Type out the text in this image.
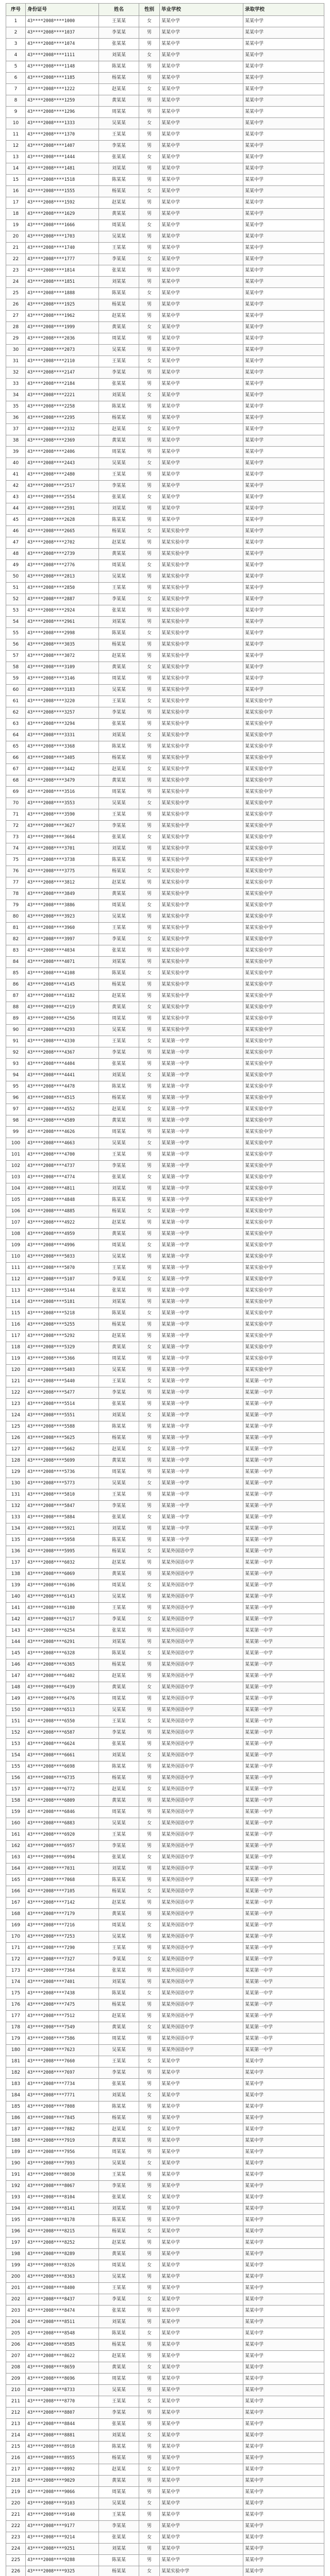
序号	身份证号	姓名	性别	毕业学校	录取学校
1	43****2008****1000	王某某	女	某某中学	某某中学
2	43****2008****1037	李某某	男	某某中学	某某中学
3	43****2008****1074	张某某	男	某某中学	某某中学
4	43****2008****1111	刘某某	女	某某中学	某某中学
5	43****2008****1148	陈某某	男	某某中学	某某中学
6	43****2008****1185	杨某某	男	某某中学	某某中学
7	43****2008****1222	赵某某	女	某某中学	某某中学
8	43****2008****1259	黄某某	男	某某中学	某某中学
9	43****2008****1296	周某某	男	某某中学	某某中学
10	43****2008****1333	吴某某	女	某某中学	某某中学
11	43****2008****1370	王某某	男	某某中学	某某中学
12	43****2008****1407	李某某	男	某某中学	某某中学
13	43****2008****1444	张某某	女	某某中学	某某中学
14	43****2008****1481	刘某某	男	某某中学	某某中学
15	43****2008****1518	陈某某	男	某某中学	某某中学
16	43****2008****1555	杨某某	女	某某中学	某某中学
17	43****2008****1592	赵某某	男	某某中学	某某中学
18	43****2008****1629	黄某某	男	某某中学	某某中学
19	43****2008****1666	周某某	女	某某中学	某某中学
20	43****2008****1703	吴某某	男	某某中学	某某中学
21	43****2008****1740	王某某	男	某某中学	某某中学
22	43****2008****1777	李某某	女	某某中学	某某中学
23	43****2008****1814	张某某	男	某某中学	某某中学
24	43****2008****1851	刘某某	男	某某中学	某某中学
25	43****2008****1888	陈某某	女	某某中学	某某中学
26	43****2008****1925	杨某某	男	某某中学	某某中学
27	43****2008****1962	赵某某	男	某某中学	某某中学
28	43****2008****1999	黄某某	女	某某中学	某某中学
29	43****2008****2036	周某某	男	某某中学	某某中学
30	43****2008****2073	吴某某	男	某某中学	某某中学
31	43****2008****2110	王某某	女	某某中学	某某中学
32	43****2008****2147	李某某	男	某某中学	某某中学
33	43****2008****2184	张某某	男	某某中学	某某中学
34	43****2008****2221	刘某某	女	某某中学	某某中学
35	43****2008****2258	陈某某	男	某某中学	某某中学
36	43****2008****2295	杨某某	男	某某中学	某某中学
37	43****2008****2332	赵某某	女	某某中学	某某中学
38	43****2008****2369	黄某某	男	某某中学	某某中学
39	43****2008****2406	周某某	男	某某中学	某某中学
40	43****2008****2443	吴某某	女	某某中学	某某中学
41	43****2008****2480	王某某	男	某某中学	某某中学
42	43****2008****2517	李某某	男	某某中学	某某中学
43	43****2008****2554	张某某	女	某某中学	某某中学
44	43****2008****2591	刘某某	男	某某中学	某某中学
45	43****2008****2628	陈某某	男	某某中学	某某中学
46	43****2008****2665	杨某某	女	某某实验中学	某某中学
47	43****2008****2702	赵某某	男	某某实验中学	某某中学
48	43****2008****2739	黄某某	男	某某实验中学	某某中学
49	43****2008****2776	周某某	女	某某实验中学	某某中学
50	43****2008****2813	吴某某	男	某某实验中学	某某中学
51	43****2008****2850	王某某	男	某某实验中学	某某中学
52	43****2008****2887	李某某	女	某某实验中学	某某中学
53	43****2008****2924	张某某	男	某某实验中学	某某中学
54	43****2008****2961	刘某某	男	某某实验中学	某某中学
55	43****2008****2998	陈某某	女	某某实验中学	某某中学
56	43****2008****3035	杨某某	男	某某实验中学	某某中学
57	43****2008****3072	赵某某	男	某某实验中学	某某中学
58	43****2008****3109	黄某某	女	某某实验中学	某某中学
59	43****2008****3146	周某某	男	某某实验中学	某某中学
60	43****2008****3183	吴某某	男	某某实验中学	某某中学
61	43****2008****3220	王某某	女	某某实验中学	某某实验中学
62	43****2008****3257	李某某	男	某某实验中学	某某实验中学
63	43****2008****3294	张某某	男	某某实验中学	某某实验中学
64	43****2008****3331	刘某某	女	某某实验中学	某某实验中学
65	43****2008****3368	陈某某	男	某某实验中学	某某实验中学
66	43****2008****3405	杨某某	男	某某实验中学	某某实验中学
67	43****2008****3442	赵某某	女	某某实验中学	某某实验中学
68	43****2008****3479	黄某某	男	某某实验中学	某某实验中学
69	43****2008****3516	周某某	男	某某实验中学	某某实验中学
70	43****2008****3553	吴某某	女	某某实验中学	某某实验中学
71	43****2008****3590	王某某	男	某某实验中学	某某实验中学
72	43****2008****3627	李某某	男	某某实验中学	某某实验中学
73	43****2008****3664	张某某	女	某某实验中学	某某实验中学
74	43****2008****3701	刘某某	男	某某实验中学	某某实验中学
75	43****2008****3738	陈某某	男	某某实验中学	某某实验中学
76	43****2008****3775	杨某某	女	某某实验中学	某某实验中学
77	43****2008****3812	赵某某	男	某某实验中学	某某实验中学
78	43****2008****3849	黄某某	男	某某实验中学	某某实验中学
79	43****2008****3886	周某某	女	某某实验中学	某某实验中学
80	43****2008****3923	吴某某	男	某某实验中学	某某实验中学
81	43****2008****3960	王某某	男	某某实验中学	某某实验中学
82	43****2008****3997	李某某	女	某某实验中学	某某实验中学
83	43****2008****4034	张某某	男	某某实验中学	某某实验中学
84	43****2008****4071	刘某某	男	某某实验中学	某某实验中学
85	43****2008****4108	陈某某	女	某某实验中学	某某实验中学
86	43****2008****4145	杨某某	男	某某实验中学	某某实验中学
87	43****2008****4182	赵某某	男	某某实验中学	某某实验中学
88	43****2008****4219	黄某某	女	某某实验中学	某某实验中学
89	43****2008****4256	周某某	男	某某实验中学	某某实验中学
90	43****2008****4293	吴某某	男	某某实验中学	某某实验中学
91	43****2008****4330	王某某	女	某某第一中学	某某实验中学
92	43****2008****4367	李某某	男	某某第一中学	某某实验中学
93	43****2008****4404	张某某	男	某某第一中学	某某实验中学
94	43****2008****4441	刘某某	女	某某第一中学	某某实验中学
95	43****2008****4478	陈某某	男	某某第一中学	某某实验中学
96	43****2008****4515	杨某某	男	某某第一中学	某某实验中学
97	43****2008****4552	赵某某	女	某某第一中学	某某实验中学
98	43****2008****4589	黄某某	男	某某第一中学	某某实验中学
99	43****2008****4626	周某某	男	某某第一中学	某某实验中学
100	43****2008****4663	吴某某	女	某某第一中学	某某实验中学
101	43****2008****4700	王某某	男	某某第一中学	某某实验中学
102	43****2008****4737	李某某	男	某某第一中学	某某实验中学
103	43****2008****4774	张某某	女	某某第一中学	某某实验中学
104	43****2008****4811	刘某某	男	某某第一中学	某某实验中学
105	43****2008****4848	陈某某	男	某某第一中学	某某实验中学
106	43****2008****4885	杨某某	女	某某第一中学	某某实验中学
107	43****2008****4922	赵某某	男	某某第一中学	某某实验中学
108	43****2008****4959	黄某某	男	某某第一中学	某某实验中学
109	43****2008****4996	周某某	女	某某第一中学	某某实验中学
110	43****2008****5033	吴某某	男	某某第一中学	某某实验中学
111	43****2008****5070	王某某	男	某某第一中学	某某实验中学
112	43****2008****5107	李某某	女	某某第一中学	某某实验中学
113	43****2008****5144	张某某	男	某某第一中学	某某实验中学
114	43****2008****5181	刘某某	男	某某第一中学	某某实验中学
115	43****2008****5218	陈某某	女	某某第一中学	某某实验中学
116	43****2008****5255	杨某某	男	某某第一中学	某某实验中学
117	43****2008****5292	赵某某	男	某某第一中学	某某实验中学
118	43****2008****5329	黄某某	女	某某第一中学	某某实验中学
119	43****2008****5366	周某某	男	某某第一中学	某某实验中学
120	43****2008****5403	吴某某	男	某某第一中学	某某实验中学
121	43****2008****5440	王某某	女	某某第一中学	某某第一中学
122	43****2008****5477	李某某	男	某某第一中学	某某第一中学
123	43****2008****5514	张某某	男	某某第一中学	某某第一中学
124	43****2008****5551	刘某某	女	某某第一中学	某某第一中学
125	43****2008****5588	陈某某	男	某某第一中学	某某第一中学
126	43****2008****5625	杨某某	男	某某第一中学	某某第一中学
127	43****2008****5662	赵某某	女	某某第一中学	某某第一中学
128	43****2008****5699	黄某某	男	某某第一中学	某某第一中学
129	43****2008****5736	周某某	男	某某第一中学	某某第一中学
130	43****2008****5773	吴某某	女	某某第一中学	某某第一中学
131	43****2008****5810	王某某	男	某某第一中学	某某第一中学
132	43****2008****5847	李某某	男	某某第一中学	某某第一中学
133	43****2008****5884	张某某	女	某某第一中学	某某第一中学
134	43****2008****5921	刘某某	男	某某第一中学	某某第一中学
135	43****2008****5958	陈某某	男	某某第一中学	某某第一中学
136	43****2008****5995	杨某某	女	某某外国语中学	某某第一中学
137	43****2008****6032	赵某某	男	某某外国语中学	某某第一中学
138	43****2008****6069	黄某某	男	某某外国语中学	某某第一中学
139	43****2008****6106	周某某	女	某某外国语中学	某某第一中学
140	43****2008****6143	吴某某	男	某某外国语中学	某某第一中学
141	43****2008****6180	王某某	男	某某外国语中学	某某第一中学
142	43****2008****6217	李某某	女	某某外国语中学	某某第一中学
143	43****2008****6254	张某某	男	某某外国语中学	某某第一中学
144	43****2008****6291	刘某某	男	某某外国语中学	某某第一中学
145	43****2008****6328	陈某某	女	某某外国语中学	某某第一中学
146	43****2008****6365	杨某某	男	某某外国语中学	某某第一中学
147	43****2008****6402	赵某某	男	某某外国语中学	某某第一中学
148	43****2008****6439	黄某某	女	某某外国语中学	某某第一中学
149	43****2008****6476	周某某	男	某某外国语中学	某某第一中学
150	43****2008****6513	吴某某	男	某某外国语中学	某某第一中学
151	43****2008****6550	王某某	女	某某外国语中学	某某第一中学
152	43****2008****6587	李某某	男	某某外国语中学	某某第一中学
153	43****2008****6624	张某某	男	某某外国语中学	某某第一中学
154	43****2008****6661	刘某某	女	某某外国语中学	某某第一中学
155	43****2008****6698	陈某某	男	某某外国语中学	某某第一中学
156	43****2008****6735	杨某某	男	某某外国语中学	某某第一中学
157	43****2008****6772	赵某某	女	某某外国语中学	某某第一中学
158	43****2008****6809	黄某某	男	某某外国语中学	某某第一中学
159	43****2008****6846	周某某	男	某某外国语中学	某某第一中学
160	43****2008****6883	吴某某	女	某某外国语中学	某某第一中学
161	43****2008****6920	王某某	男	某某外国语中学	某某第一中学
162	43****2008****6957	李某某	男	某某外国语中学	某某第一中学
163	43****2008****6994	张某某	女	某某外国语中学	某某第一中学
164	43****2008****7031	刘某某	男	某某外国语中学	某某第一中学
165	43****2008****7068	陈某某	男	某某外国语中学	某某第一中学
166	43****2008****7105	杨某某	女	某某外国语中学	某某第一中学
167	43****2008****7142	赵某某	男	某某外国语中学	某某第一中学
168	43****2008****7179	黄某某	男	某某外国语中学	某某第一中学
169	43****2008****7216	周某某	女	某某外国语中学	某某第一中学
170	43****2008****7253	吴某某	男	某某外国语中学	某某第一中学
171	43****2008****7290	王某某	男	某某外国语中学	某某第一中学
172	43****2008****7327	李某某	女	某某外国语中学	某某第一中学
173	43****2008****7364	张某某	男	某某外国语中学	某某第一中学
174	43****2008****7401	刘某某	男	某某外国语中学	某某第一中学
175	43****2008****7438	陈某某	女	某某外国语中学	某某第一中学
176	43****2008****7475	杨某某	男	某某外国语中学	某某第一中学
177	43****2008****7512	赵某某	男	某某外国语中学	某某第一中学
178	43****2008****7549	黄某某	女	某某外国语中学	某某第一中学
179	43****2008****7586	周某某	男	某某外国语中学	某某第一中学
180	43****2008****7623	吴某某	男	某某外国语中学	某某第一中学
181	43****2008****7660	王某某	女	某某中学	某某中学
182	43****2008****7697	李某某	男	某某中学	某某中学
183	43****2008****7734	张某某	男	某某中学	某某中学
184	43****2008****7771	刘某某	女	某某中学	某某中学
185	43****2008****7808	陈某某	男	某某中学	某某中学
186	43****2008****7845	杨某某	男	某某中学	某某中学
187	43****2008****7882	赵某某	女	某某中学	某某中学
188	43****2008****7919	黄某某	男	某某中学	某某中学
189	43****2008****7956	周某某	男	某某中学	某某中学
190	43****2008****7993	吴某某	女	某某中学	某某中学
191	43****2008****8030	王某某	男	某某中学	某某中学
192	43****2008****8067	李某某	男	某某中学	某某中学
193	43****2008****8104	张某某	女	某某中学	某某中学
194	43****2008****8141	刘某某	男	某某中学	某某中学
195	43****2008****8178	陈某某	男	某某中学	某某中学
196	43****2008****8215	杨某某	女	某某中学	某某中学
197	43****2008****8252	赵某某	男	某某中学	某某中学
198	43****2008****8289	黄某某	男	某某中学	某某中学
199	43****2008****8326	周某某	女	某某中学	某某中学
200	43****2008****8363	吴某某	男	某某中学	某某中学
201	43****2008****8400	王某某	男	某某中学	某某中学
202	43****2008****8437	李某某	女	某某中学	某某中学
203	43****2008****8474	张某某	男	某某中学	某某中学
204	43****2008****8511	刘某某	男	某某中学	某某中学
205	43****2008****8548	陈某某	女	某某中学	某某中学
206	43****2008****8585	杨某某	男	某某中学	某某中学
207	43****2008****8622	赵某某	男	某某中学	某某中学
208	43****2008****8659	黄某某	女	某某中学	某某中学
209	43****2008****8696	周某某	男	某某中学	某某中学
210	43****2008****8733	吴某某	男	某某中学	某某中学
211	43****2008****8770	王某某	女	某某中学	某某中学
212	43****2008****8807	李某某	男	某某中学	某某中学
213	43****2008****8844	张某某	男	某某中学	某某中学
214	43****2008****8881	刘某某	女	某某中学	某某中学
215	43****2008****8918	陈某某	男	某某中学	某某中学
216	43****2008****8955	杨某某	男	某某中学	某某中学
217	43****2008****8992	赵某某	女	某某中学	某某中学
218	43****2008****9029	黄某某	男	某某中学	某某中学
219	43****2008****9066	周某某	男	某某中学	某某中学
220	43****2008****9103	吴某某	女	某某中学	某某中学
221	43****2008****9140	王某某	男	某某中学	某某中学
222	43****2008****9177	李某某	男	某某中学	某某中学
223	43****2008****9214	张某某	女	某某中学	某某中学
224	43****2008****9251	刘某某	男	某某中学	某某中学
225	43****2008****9288	陈某某	男	某某中学	某某中学
226	43****2008****9325	杨某某	女	某某实验中学	某某中学
